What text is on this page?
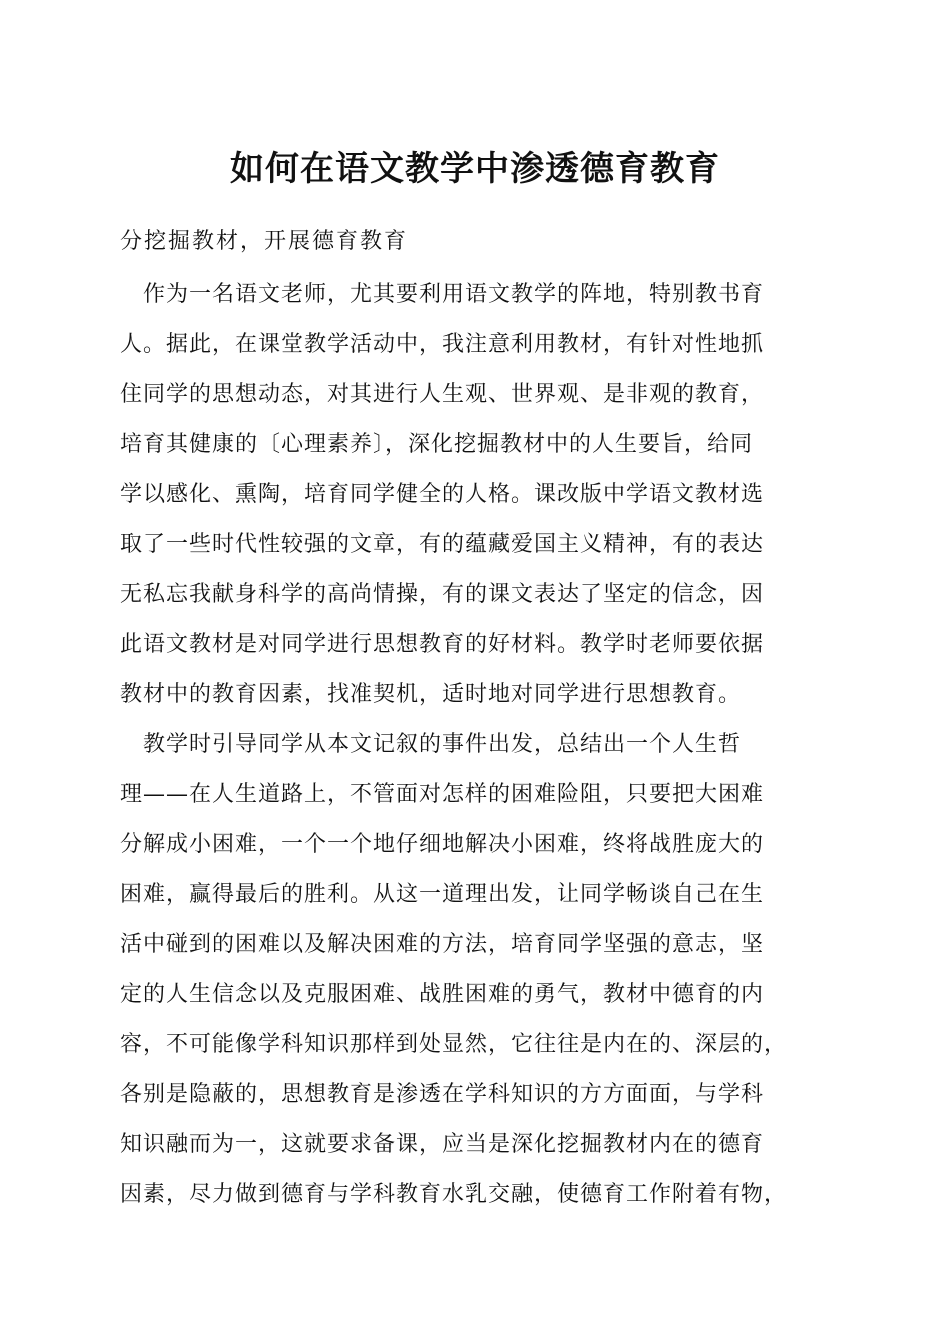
如何在语文教学中渗透德育教育

分挖掘教材，开展德育教育

　作为一名语文老师，尤其要利用语文教学的阵地，特别教书育
人。据此，在课堂教学活动中，我注意利用教材，有针对性地抓
住同学的思想动态，对其进行人生观、世界观、是非观的教育，
培育其健康的〔心理素养〕，深化挖掘教材中的人生要旨，给同
学以感化、熏陶，培育同学健全的人格。课改版中学语文教材选
取了一些时代性较强的文章，有的蕴藏爱国主义精神，有的表达
无私忘我献身科学的高尚情操，有的课文表达了坚定的信念，因
此语文教材是对同学进行思想教育的好材料。教学时老师要依据
教材中的教育因素，找准契机，适时地对同学进行思想教育。
　教学时引导同学从本文记叙的事件出发，总结出一个人生哲
理——在人生道路上，不管面对怎样的困难险阻，只要把大困难
分解成小困难，一个一个地仔细地解决小困难，终将战胜庞大的
困难，赢得最后的胜利。从这一道理出发，让同学畅谈自己在生
活中碰到的困难以及解决困难的方法，培育同学坚强的意志，坚
定的人生信念以及克服困难、战胜困难的勇气，教材中德育的内
容，不可能像学科知识那样到处显然，它往往是内在的、深层的，
各别是隐蔽的，思想教育是渗透在学科知识的方方面面，与学科
知识融而为一，这就要求备课，应当是深化挖掘教材内在的德育
因素，尽力做到德育与学科教育水乳交融，使德育工作附着有物，
